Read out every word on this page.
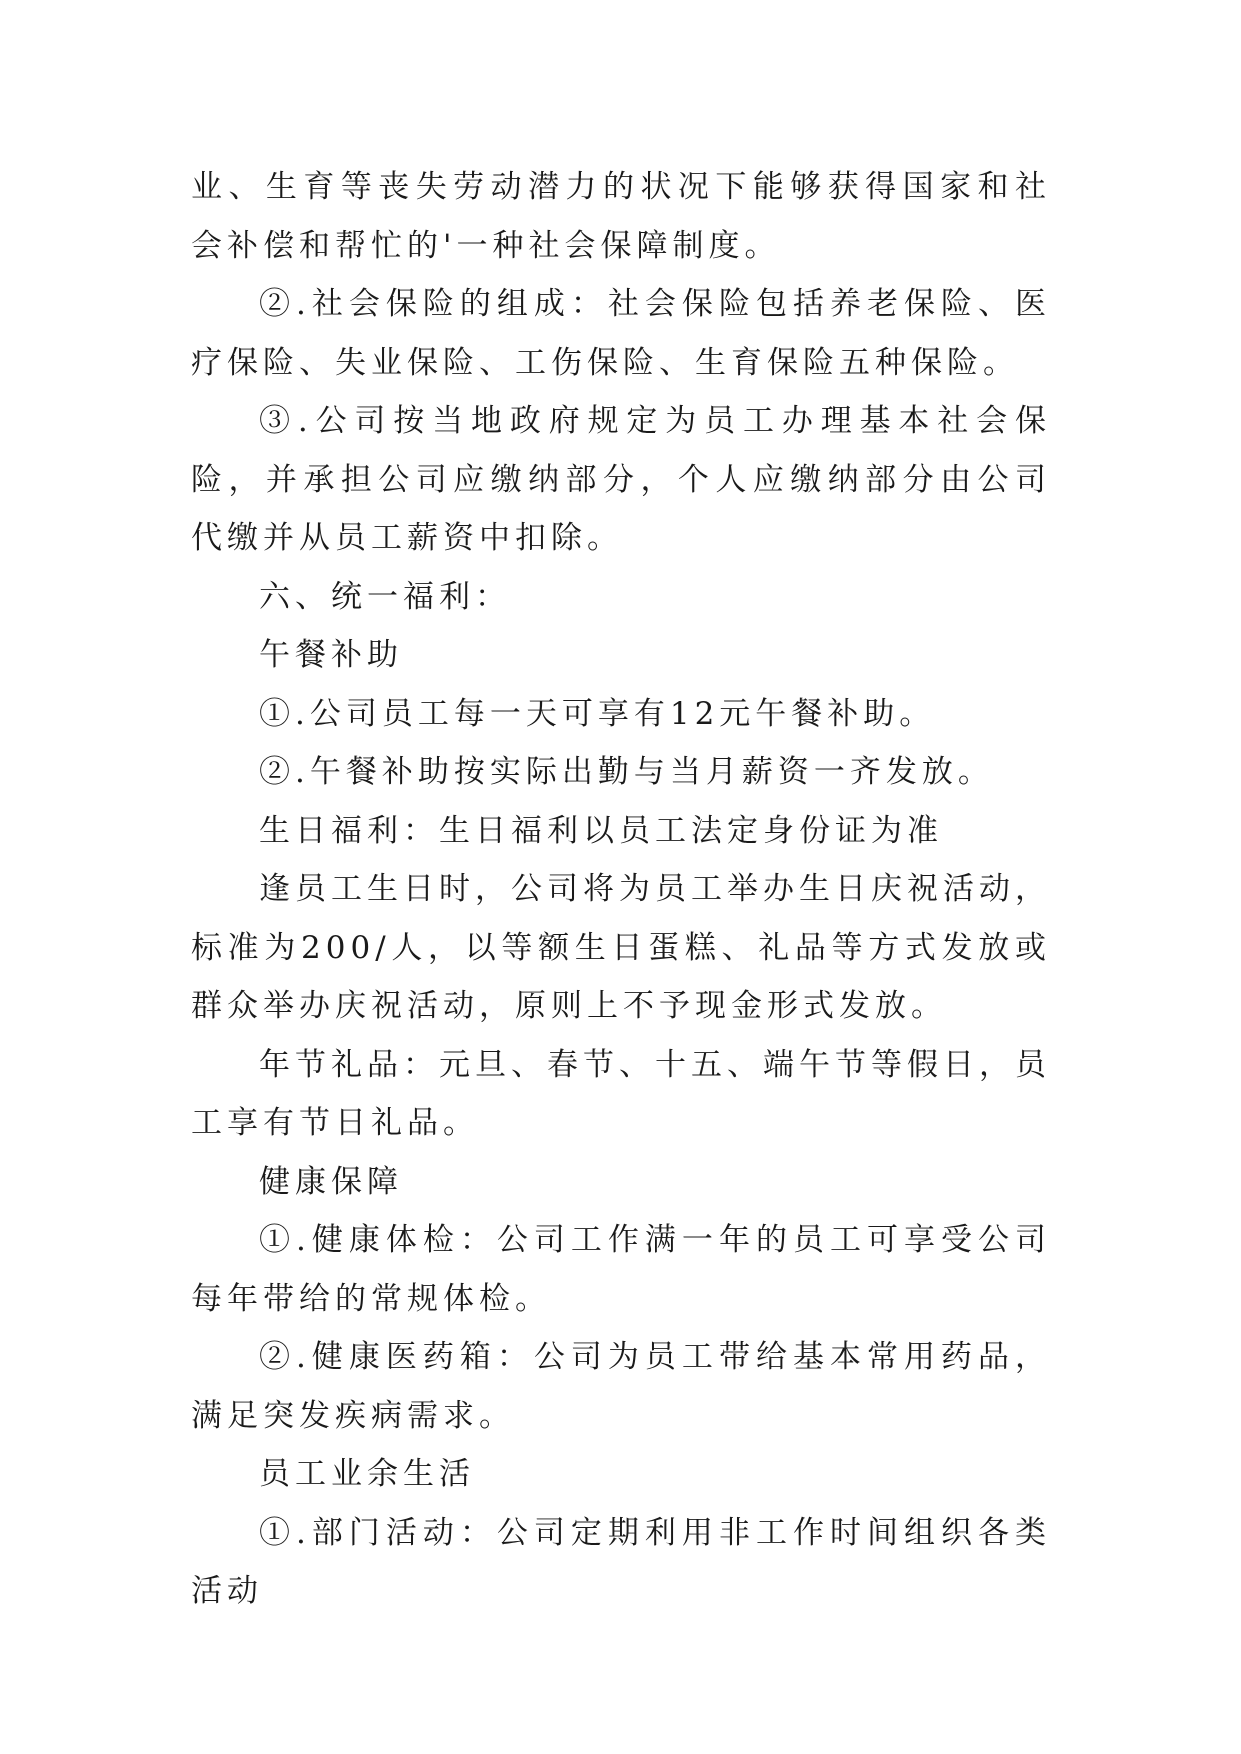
业、生育等丧失劳动潜力的状况下能够获得国家和社会补偿和帮忙的'一种社会保障制度。

②.社会保险的组成：社会保险包括养老保险、医疗保险、失业保险、工伤保险、生育保险五种保险。

③.公司按当地政府规定为员工办理基本社会保险，并承担公司应缴纳部分，个人应缴纳部分由公司代缴并从员工薪资中扣除。

六、统一福利：

午餐补助

①.公司员工每一天可享有12元午餐补助。

②.午餐补助按实际出勤与当月薪资一齐发放。

生日福利：生日福利以员工法定身份证为准

逢员工生日时，公司将为员工举办生日庆祝活动，标准为200/人，以等额生日蛋糕、礼品等方式发放或群众举办庆祝活动，原则上不予现金形式发放。

年节礼品：元旦、春节、十五、端午节等假日，员工享有节日礼品。

健康保障

①.健康体检：公司工作满一年的员工可享受公司每年带给的常规体检。

②.健康医药箱：公司为员工带给基本常用药品，满足突发疾病需求。

员工业余生活

①.部门活动：公司定期利用非工作时间组织各类活动
